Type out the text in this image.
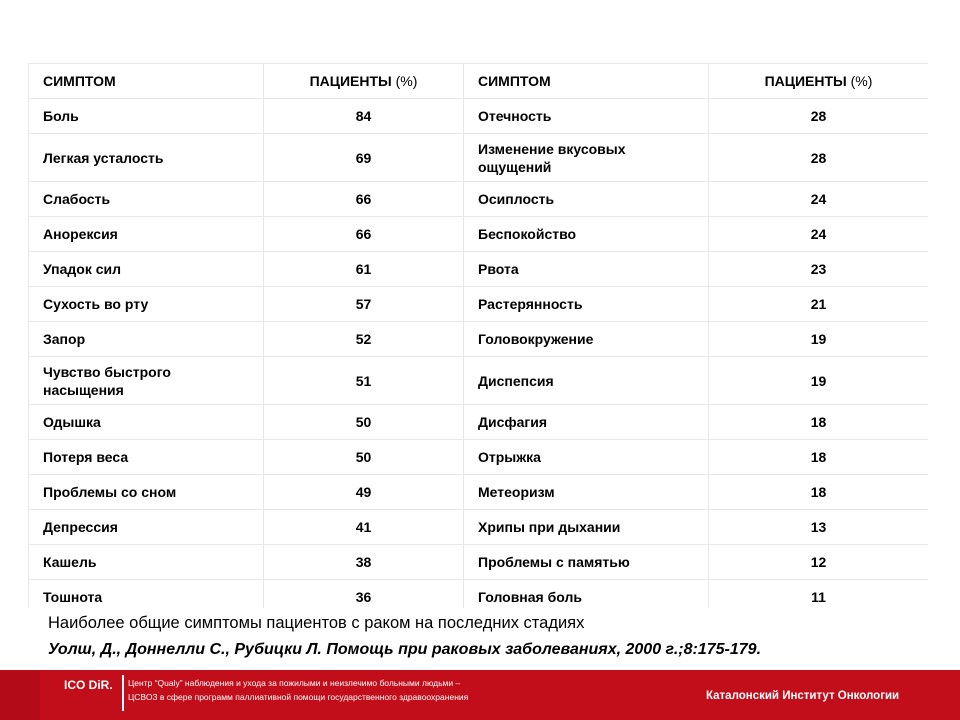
СИМПТОМ	ПАЦИЕНТЫ (%)	СИМПТОМ	ПАЦИЕНТЫ (%)
Боль	84	Отечность	28
Легкая усталость	69	Изменение вкусовых ощущений	28
Слабость	66	Осиплость	24
Анорексия	66	Беспокойство	24
Упадок сил	61	Рвота	23
Сухость во рту	57	Растерянность	21
Запор	52	Головокружение	19
Чувство быстрого насыщения	51	Диспепсия	19
Одышка	50	Дисфагия	18
Потеря веса	50	Отрыжка	18
Проблемы со сном	49	Метеоризм	18
Депрессия	41	Хрипы при дыхании	13
Кашель	38	Проблемы с памятью	12
Тошнота	36	Головная боль	11
Наиболее общие симптомы пациентов с раком на последних стадиях
Уолш, Д., Доннелли С., Рубицки Л. Помощь при раковых заболеваниях, 2000 г.;8:175-179.
ICO DiR. Центр “Qualy” наблюдения и ухода за пожилыми и неизлечимо больными людьми –
ЦСВОЗ в сфере программ паллиативной помощи государственного здравоохранения	Каталонский Институт Онкологии
